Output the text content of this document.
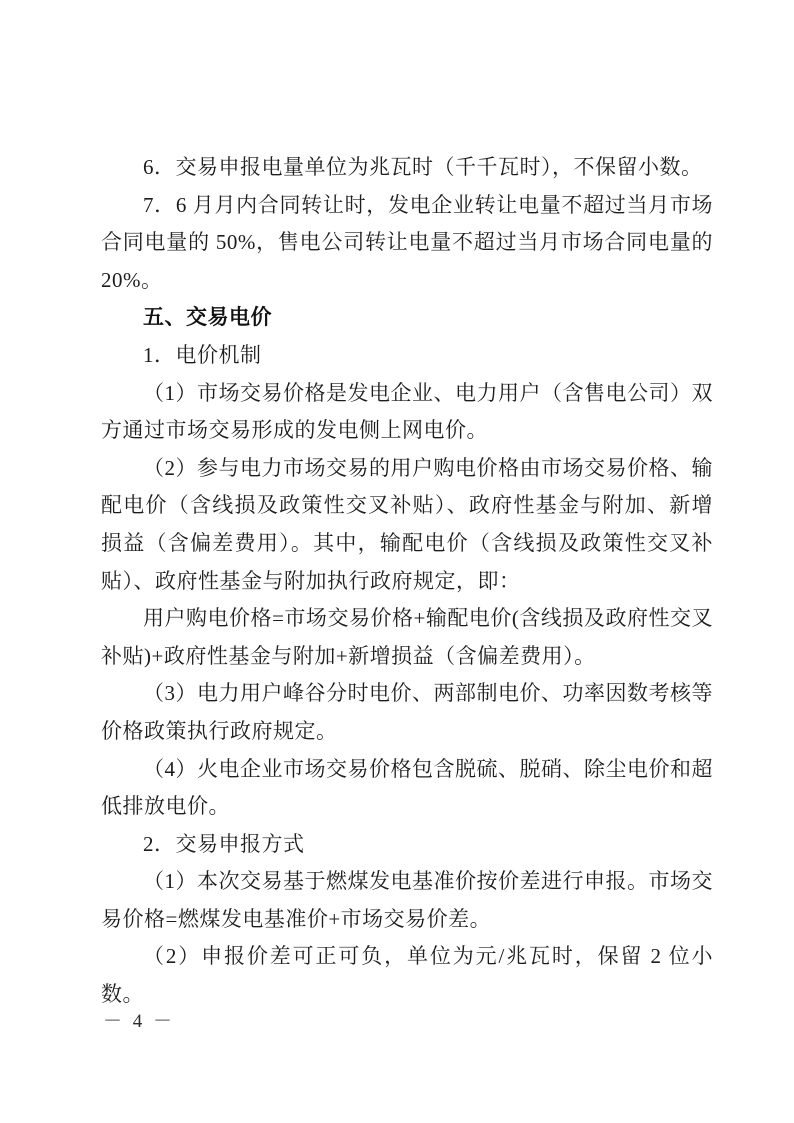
6．交易申报电量单位为兆瓦时（千千瓦时），不保留小数。

7．6 月月内合同转让时，发电企业转让电量不超过当月市场合同电量的 50%，售电公司转让电量不超过当月市场合同电量的 20%。

五、交易电价

1．电价机制

（1）市场交易价格是发电企业、电力用户（含售电公司）双方通过市场交易形成的发电侧上网电价。

（2）参与电力市场交易的用户购电价格由市场交易价格、输配电价（含线损及政策性交叉补贴）、政府性基金与附加、新增损益（含偏差费用）。其中，输配电价（含线损及政策性交叉补贴）、政府性基金与附加执行政府规定，即：

用户购电价格=市场交易价格+输配电价(含线损及政府性交叉补贴)+政府性基金与附加+新增损益（含偏差费用）。

（3）电力用户峰谷分时电价、两部制电价、功率因数考核等价格政策执行政府规定。

（4）火电企业市场交易价格包含脱硫、脱硝、除尘电价和超低排放电价。

2．交易申报方式

（1）本次交易基于燃煤发电基准价按价差进行申报。市场交易价格=燃煤发电基准价+市场交易价差。

（2）申报价差可正可负，单位为元/兆瓦时，保留 2 位小数。

－ 4 －
